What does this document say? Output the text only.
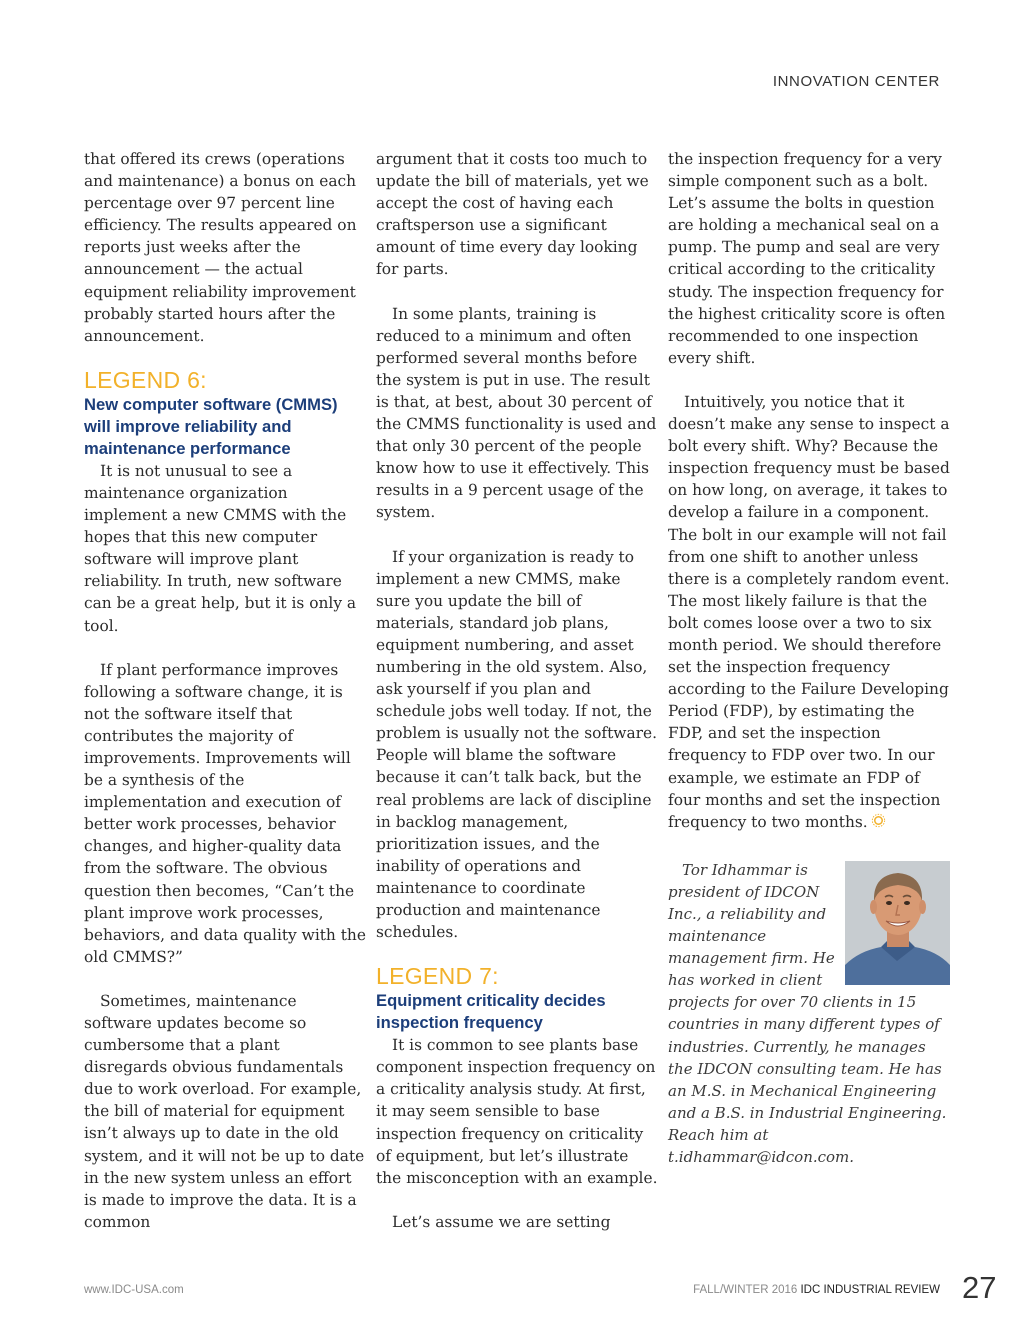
INNOVATION CENTER

that offered its crews (operations and maintenance) a bonus on each percentage over 97 percent line efficiency. The results appeared on reports just weeks after the announcement — the actual equipment reliability improvement probably started hours after the announcement.

LEGEND 6:
New computer software (CMMS) will improve reliability and maintenance performance

It is not unusual to see a maintenance organization implement a new CMMS with the hopes that this new computer software will improve plant reliability. In truth, new software can be a great help, but it is only a tool.

If plant performance improves following a software change, it is not the software itself that contributes the majority of improvements. Improvements will be a synthesis of the implementation and execution of better work processes, behavior changes, and higher-quality data from the software. The obvious question then becomes, “Can’t the plant improve work processes, behaviors, and data quality with the old CMMS?”

Sometimes, maintenance software updates become so cumbersome that a plant disregards obvious fundamentals due to work overload. For example, the bill of material for equipment isn’t always up to date in the old system, and it will not be up to date in the new system unless an effort is made to improve the data. It is a common

argument that it costs too much to update the bill of materials, yet we accept the cost of having each craftsperson use a significant amount of time every day looking for parts.

In some plants, training is reduced to a minimum and often performed several months before the system is put in use. The result is that, at best, about 30 percent of the CMMS functionality is used and that only 30 percent of the people know how to use it effectively. This results in a 9 percent usage of the system.

If your organization is ready to implement a new CMMS, make sure you update the bill of materials, standard job plans, equipment numbering, and asset numbering in the old system. Also, ask yourself if you plan and schedule jobs well today. If not, the problem is usually not the software. People will blame the software because it can’t talk back, but the real problems are lack of discipline in backlog management, prioritization issues, and the inability of operations and maintenance to coordinate production and maintenance schedules.

LEGEND 7:
Equipment criticality decides inspection frequency

It is common to see plants base component inspection frequency on a criticality analysis study. At first, it may seem sensible to base inspection frequency on criticality of equipment, but let’s illustrate the misconception with an example.

Let’s assume we are setting

the inspection frequency for a very simple component such as a bolt. Let’s assume the bolts in question are holding a mechanical seal on a pump. The pump and seal are very critical according to the criticality study. The inspection frequency for the highest criticality score is often recommended to one inspection every shift.

Intuitively, you notice that it doesn’t make any sense to inspect a bolt every shift. Why? Because the inspection frequency must be based on how long, on average, it takes to develop a failure in a component. The bolt in our example will not fail from one shift to another unless there is a completely random event. The most likely failure is that the bolt comes loose over a two to six month period. We should therefore set the inspection frequency according to the Failure Developing Period (FDP), by estimating the FDP, and set the inspection frequency to FDP over two. In our example, we estimate an FDP of four months and set the inspection frequency to two months.

Tor Idhammar is
president of IDCON Inc., a reliability and maintenance management firm. He has worked in client projects for over 70 clients in 15 countries in many different types of industries. Currently, he manages the IDCON consulting team. He has an M.S. in Mechanical Engineering and a B.S. in Industrial Engineering. Reach him at t.idhammar@idcon.com.
www.IDC-USA.com	FALL/WINTER 2016 IDC INDUSTRIAL REVIEW 27
